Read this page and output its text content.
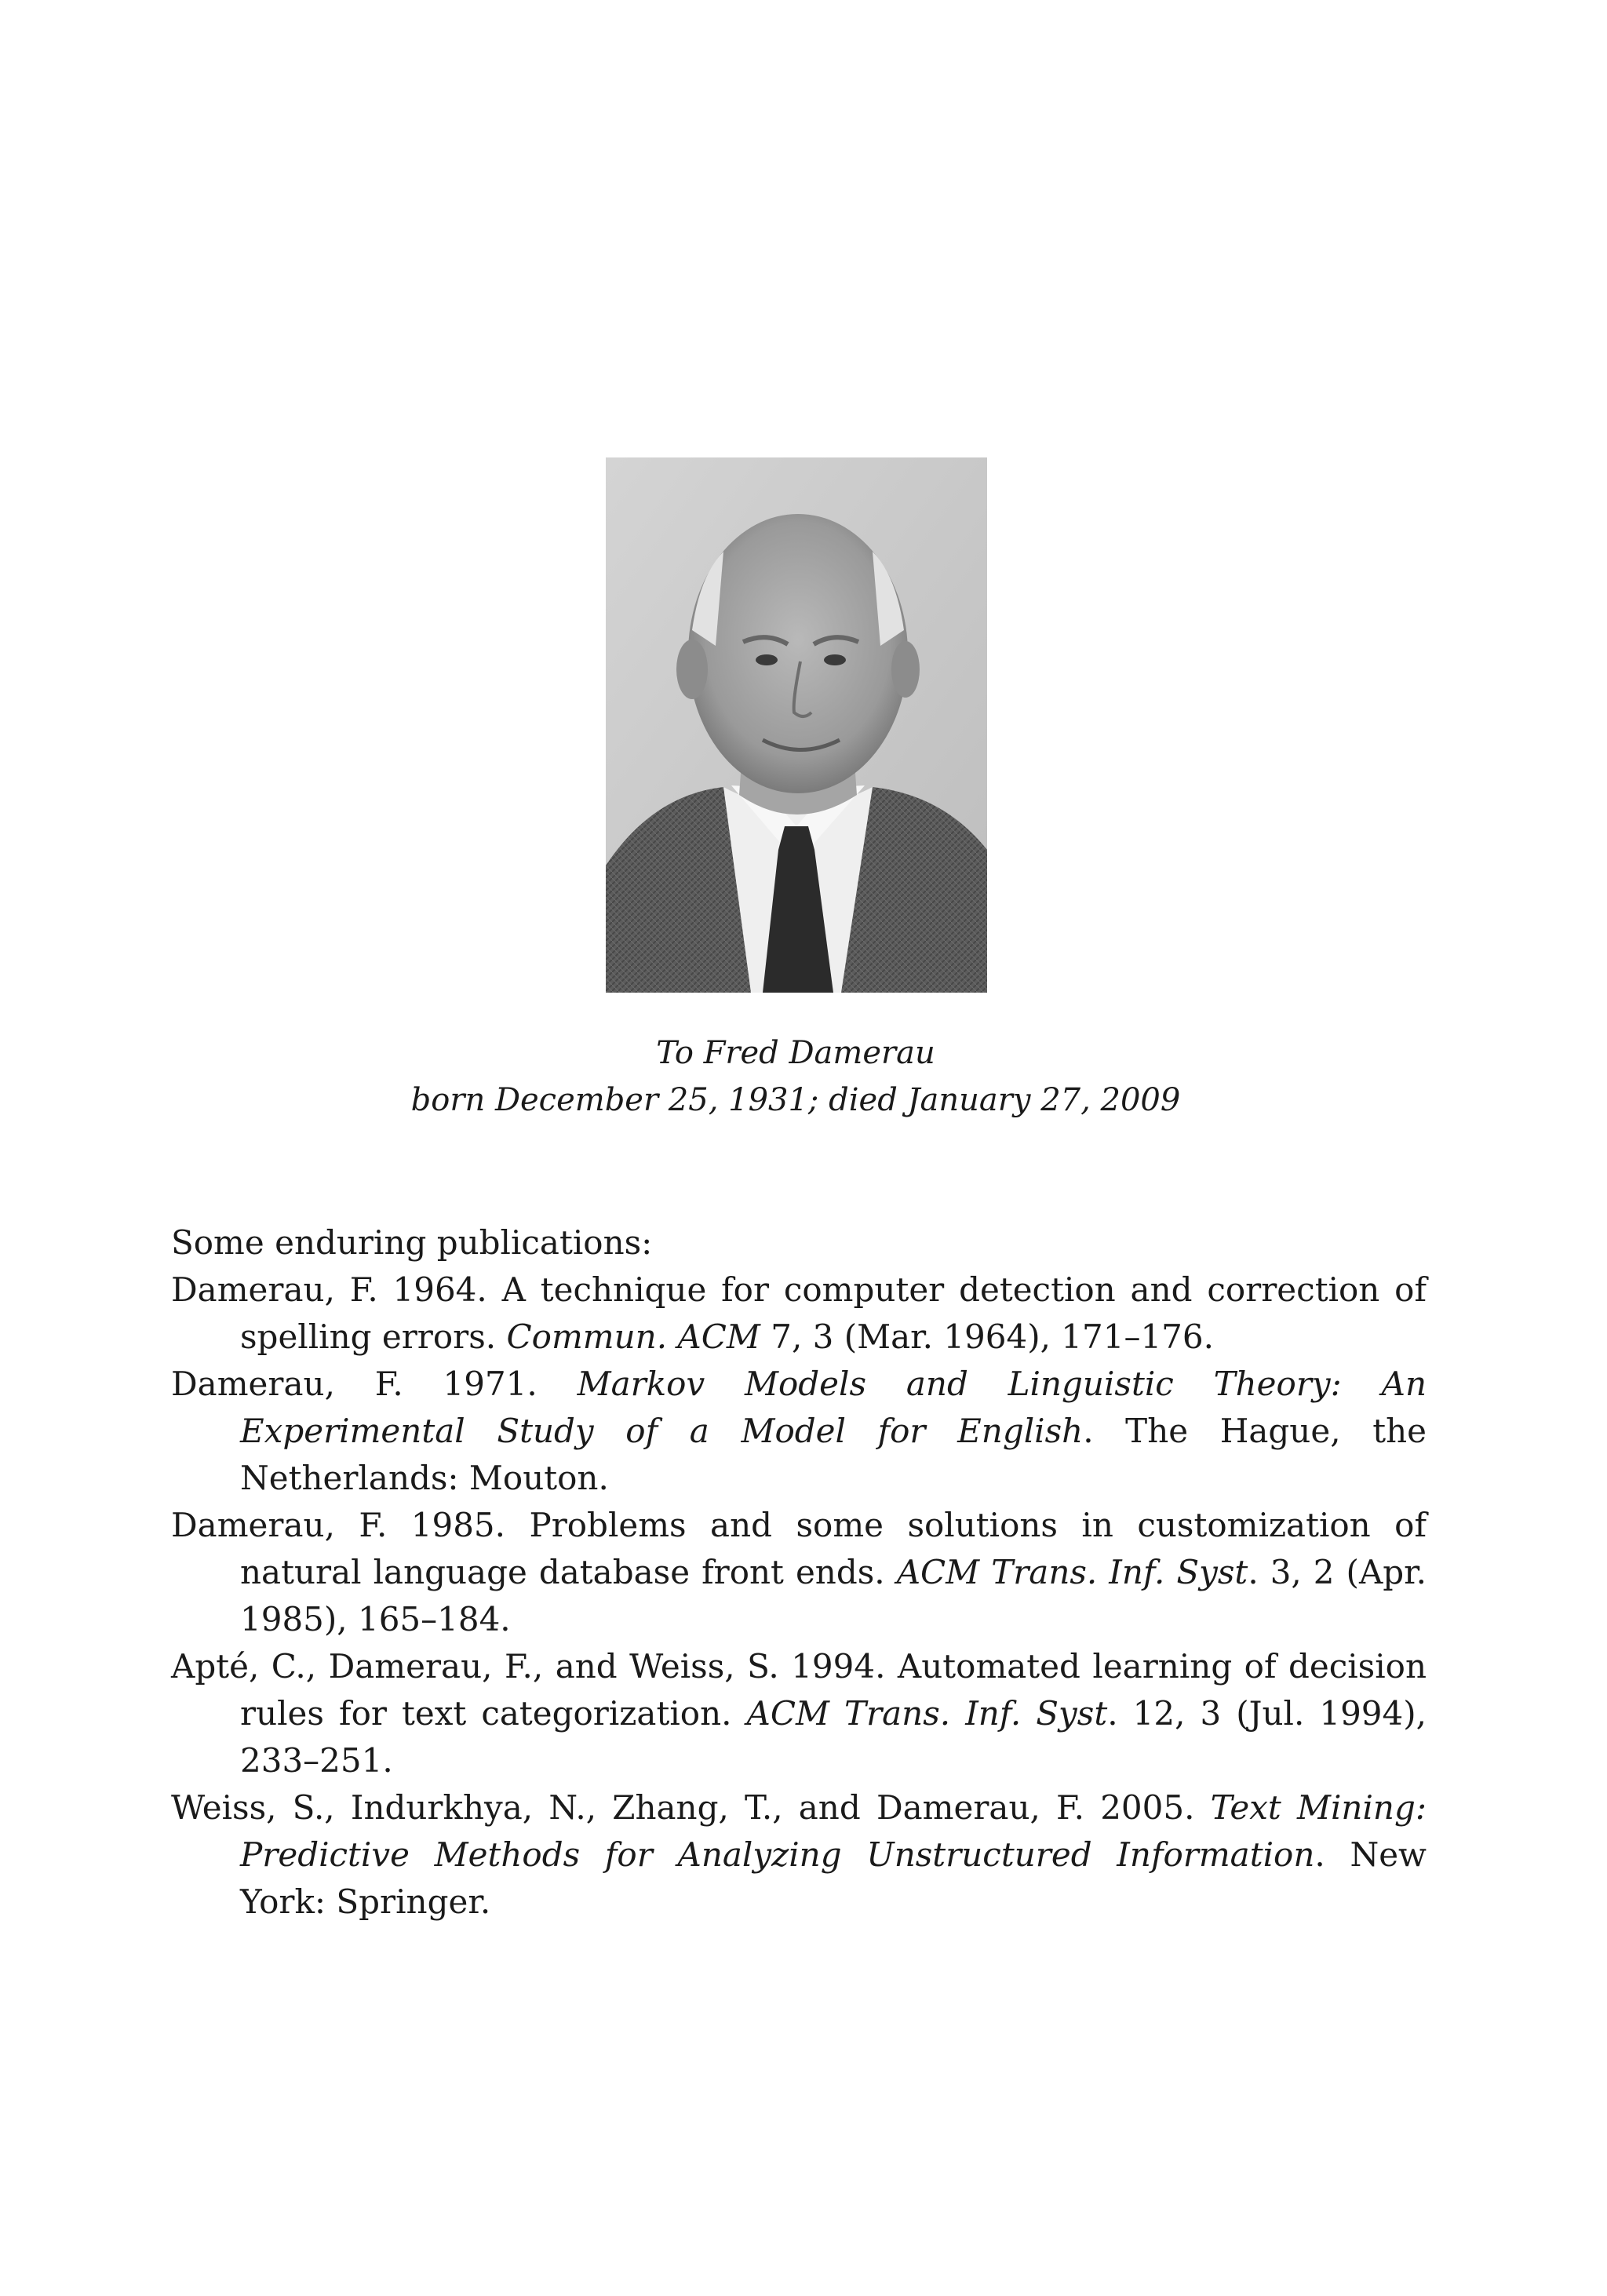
To Fred Damerau
born December 25, 1931; died January 27, 2009

Some enduring publications:

Damerau, F. 1964. A technique for computer detection and correction of spelling errors. Commun. ACM 7, 3 (Mar. 1964), 171–176.

Damerau, F. 1971. Markov Models and Linguistic Theory: An Experimental Study of a Model for English. The Hague, the Netherlands: Mouton.

Damerau, F. 1985. Problems and some solutions in customization of natural language database front ends. ACM Trans. Inf. Syst. 3, 2 (Apr. 1985), 165–184.

Apté, C., Damerau, F., and Weiss, S. 1994. Automated learning of decision rules for text categorization. ACM Trans. Inf. Syst. 12, 3 (Jul. 1994), 233–251.

Weiss, S., Indurkhya, N., Zhang, T., and Damerau, F. 2005. Text Mining: Predictive Methods for Analyzing Unstructured Information. New York: Springer.
